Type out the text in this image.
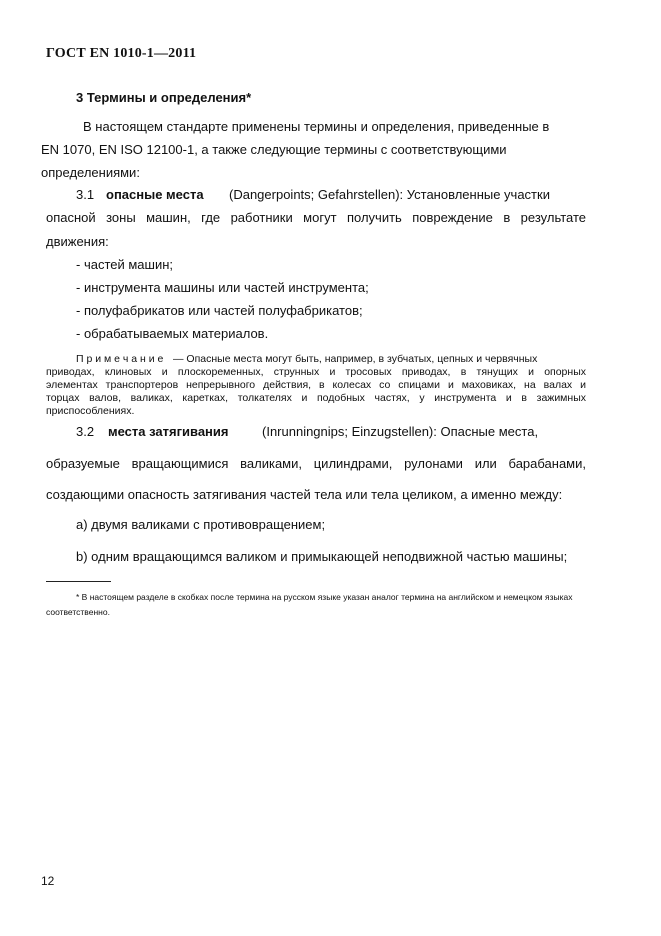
ГОСТ EN 1010-1—2011
3 Термины и определения*
В настоящем стандарте применены термины и определения, приведенные в
EN 1070, EN ISO 12100-1, а также следующие термины с соответствующими
определениями:
3.1 опасные места (Dangerpoints; Gefahrstellen): Установленные участки
опасной зоны машин, где работники могут получить повреждение в результате
движения:
- частей машин;
- инструмента машины или частей инструмента;
- полуфабрикатов или частей полуфабрикатов;
- обрабатываемых материалов.
П р и м е ч а н и е — Опасные места могут быть, например, в зубчатых, цепных и червячных
приводах, клиновых и плоскоременных, струнных и тросовых приводах, в тянущих и опорных
элементах транспортеров непрерывного действия, в колесах со спицами и маховиках, на валах и
торцах валов, валиках, каретках, толкателях и подобных частях, у инструмента и в зажимных
приспособлениях.
3.2 места затягивания	(Inrunningnips; Einzugstellen): Опасные места,
образуемые вращающимися валиками, цилиндрами, рулонами или барабанами,
создающими опасность затягивания частей тела или тела целиком, а именно между:
а) двумя валиками с противовращением;
b) одним вращающимся валиком и примыкающей неподвижной частью машины;
* В настоящем разделе в скобках после термина на русском языке указан аналог термина на английском и немецком языках
соответственно.
12
